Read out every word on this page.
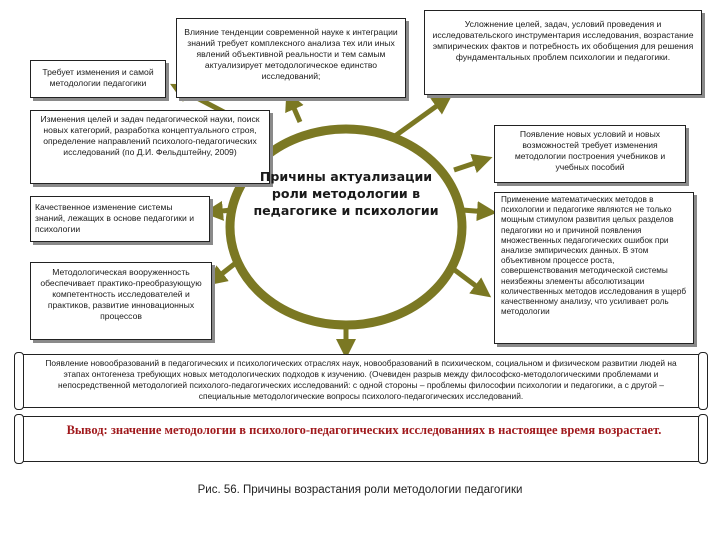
Требует изменения и самой методологии педагогики
Влияние тенденции современной науке к интеграции знаний требует комплексного анализа тех или иных явлений объективной реальности и тем самым актуализирует методологическое единство исследований;
Усложнение целей, задач, условий проведения и исследовательского инструментария исследования, возрастание эмпирических фактов и потребность их обобщения для решения фундаментальных проблем психологии и педагогики.
Изменения целей и задач педагогической науки, поиск новых категорий, разработка концептуального строя, определение направлений психолого-педагогических исследований (по Д.И. Фельдштейну, 2009)
Качественное изменение системы знаний, лежащих в основе педагогики и психологии
Методологическая вооруженность обеспечивает практико-преобразующую компетентность исследователей и практиков, развитие инновационных процессов
Появление новых условий и новых возможностей требует изменения методологии построения учебников и учебных пособий
Применение математических методов в психологии и педагогике являются не только мощным стимулом развития целых разделов педагогики но и причиной появления множественных педагогических ошибок при анализе эмпирических данных. В этом объективном процессе роста, совершенствования методической системы неизбежны элементы абсолютизации количественных методов исследования в ущерб качественному анализу, что усиливает роль методологии
Появление новообразований в педагогических и психологических отраслях наук, новообразований в психическом, социальном и физическом развитии людей на этапах онтогенеза требующих новых методологических подходов к изучению. (Очевиден разрыв между философско-методологическими проблемами и непосредственной методологией психолого-педагогических исследований: с одной стороны – проблемы философии психологии и педагогики, а с другой – специальные методологические вопросы психолого-педагогических исследований.
Вывод: значение методологии в психолого-педагогических исследованиях в настоящее время возрастает.
Причины актуализации роли методологии в педагогике и психологии
Рис. 56. Причины возрастания роли методологии педагогики
